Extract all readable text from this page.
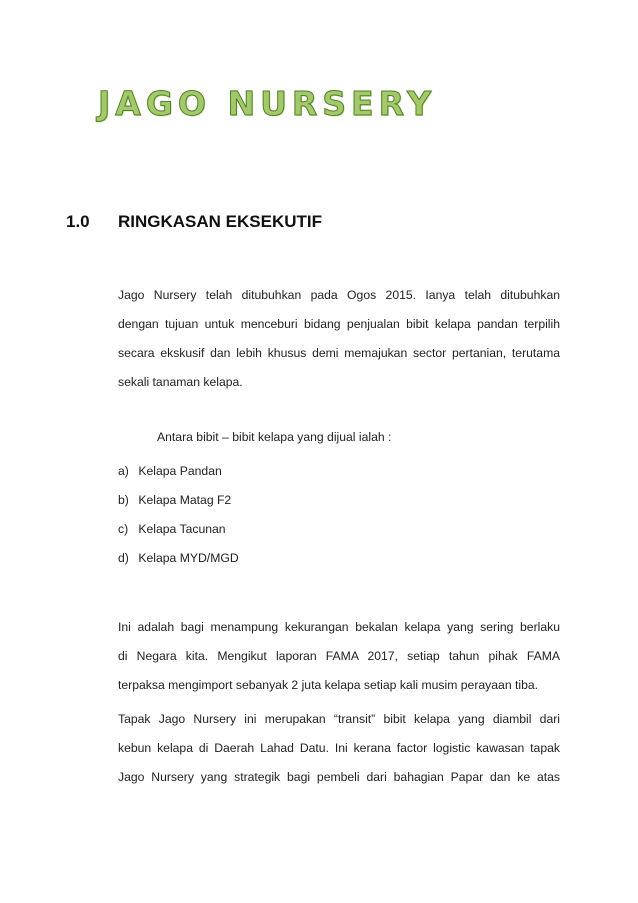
JAGO NURSERY
1.0 RINGKASAN EKSEKUTIF
Jago Nursery telah ditubuhkan pada Ogos 2015. Ianya telah ditubuhkan
dengan tujuan untuk menceburi bidang penjualan bibit kelapa pandan terpilih
secara ekskusif dan lebih khusus demi memajukan sector pertanian, terutama
sekali tanaman kelapa.
Antara bibit – bibit kelapa yang dijual ialah :
a) Kelapa Pandan
b) Kelapa Matag F2
c) Kelapa Tacunan
d) Kelapa MYD/MGD
Ini adalah bagi menampung kekurangan bekalan kelapa yang sering berlaku
di Negara kita. Mengikut laporan FAMA 2017, setiap tahun pihak FAMA
terpaksa mengimport sebanyak 2 juta kelapa setiap kali musim perayaan tiba.
Tapak Jago Nursery ini merupakan “transit” bibit kelapa yang diambil dari
kebun kelapa di Daerah Lahad Datu. Ini kerana factor logistic kawasan tapak
Jago Nursery yang strategik bagi pembeli dari bahagian Papar dan ke atas
